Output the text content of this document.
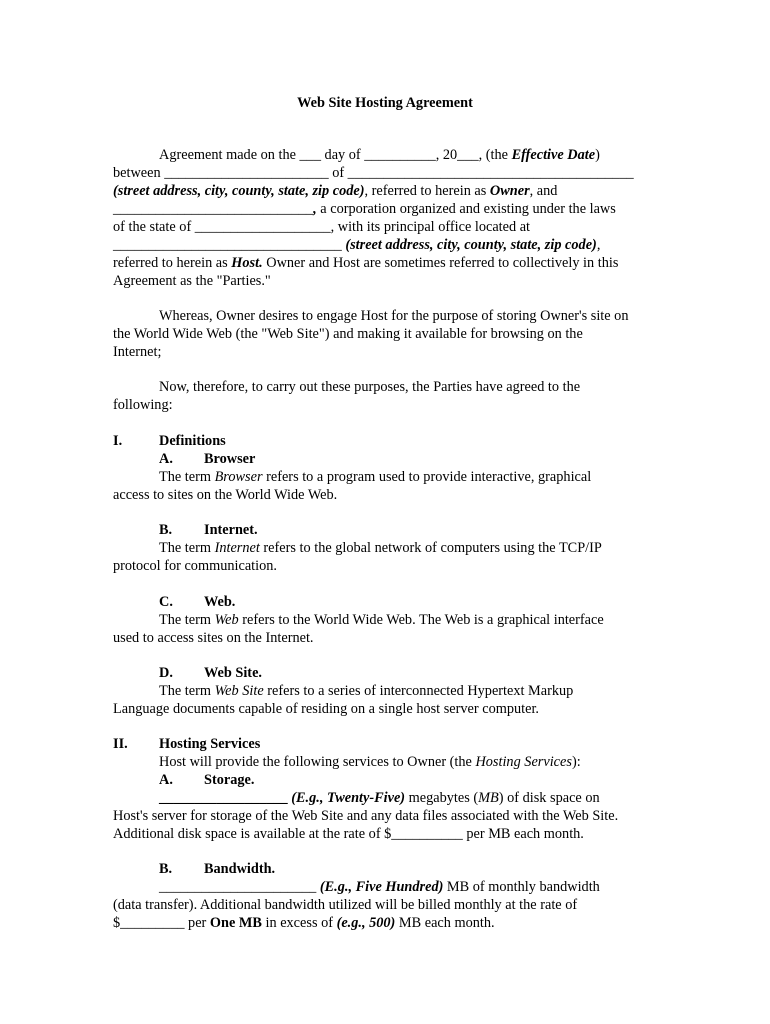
Web Site Hosting Agreement
Agreement made on the ___ day of __________, 20___, (the Effective Date)
between _______________________ of ________________________________________
(street address, city, county, state, zip code), referred to herein as Owner, and
____________________________, a corporation organized and existing under the laws
of the state of ___________________, with its principal office located at
________________________________ (street address, city, county, state, zip code),
referred to herein as Host. Owner and Host are sometimes referred to collectively in this
Agreement as the "Parties."
Whereas, Owner desires to engage Host for the purpose of storing Owner's site on
the World Wide Web (the "Web Site") and making it available for browsing on the
Internet;
Now, therefore, to carry out these purposes, the Parties have agreed to the
following:
I.	Definitions
A. Browser
The term Browser refers to a program used to provide interactive, graphical
access to sites on the World Wide Web.
B. Internet.
The term Internet refers to the global network of computers using the TCP/IP
protocol for communication.
C. Web.
The term Web refers to the World Wide Web. The Web is a graphical interface
used to access sites on the Internet.
D. Web Site.
The term Web Site refers to a series of interconnected Hypertext Markup
Language documents capable of residing on a single host server computer.
II. Hosting Services
Host will provide the following services to Owner (the Hosting Services):
A. Storage.
__________________ (E.g., Twenty-Five) megabytes (MB) of disk space on
Host's server for storage of the Web Site and any data files associated with the Web Site.
Additional disk space is available at the rate of $__________ per MB each month.
B. Bandwidth.
______________________ (E.g., Five Hundred) MB of monthly bandwidth
(data transfer). Additional bandwidth utilized will be billed monthly at the rate of
$_________ per One MB in excess of (e.g., 500) MB each month.
